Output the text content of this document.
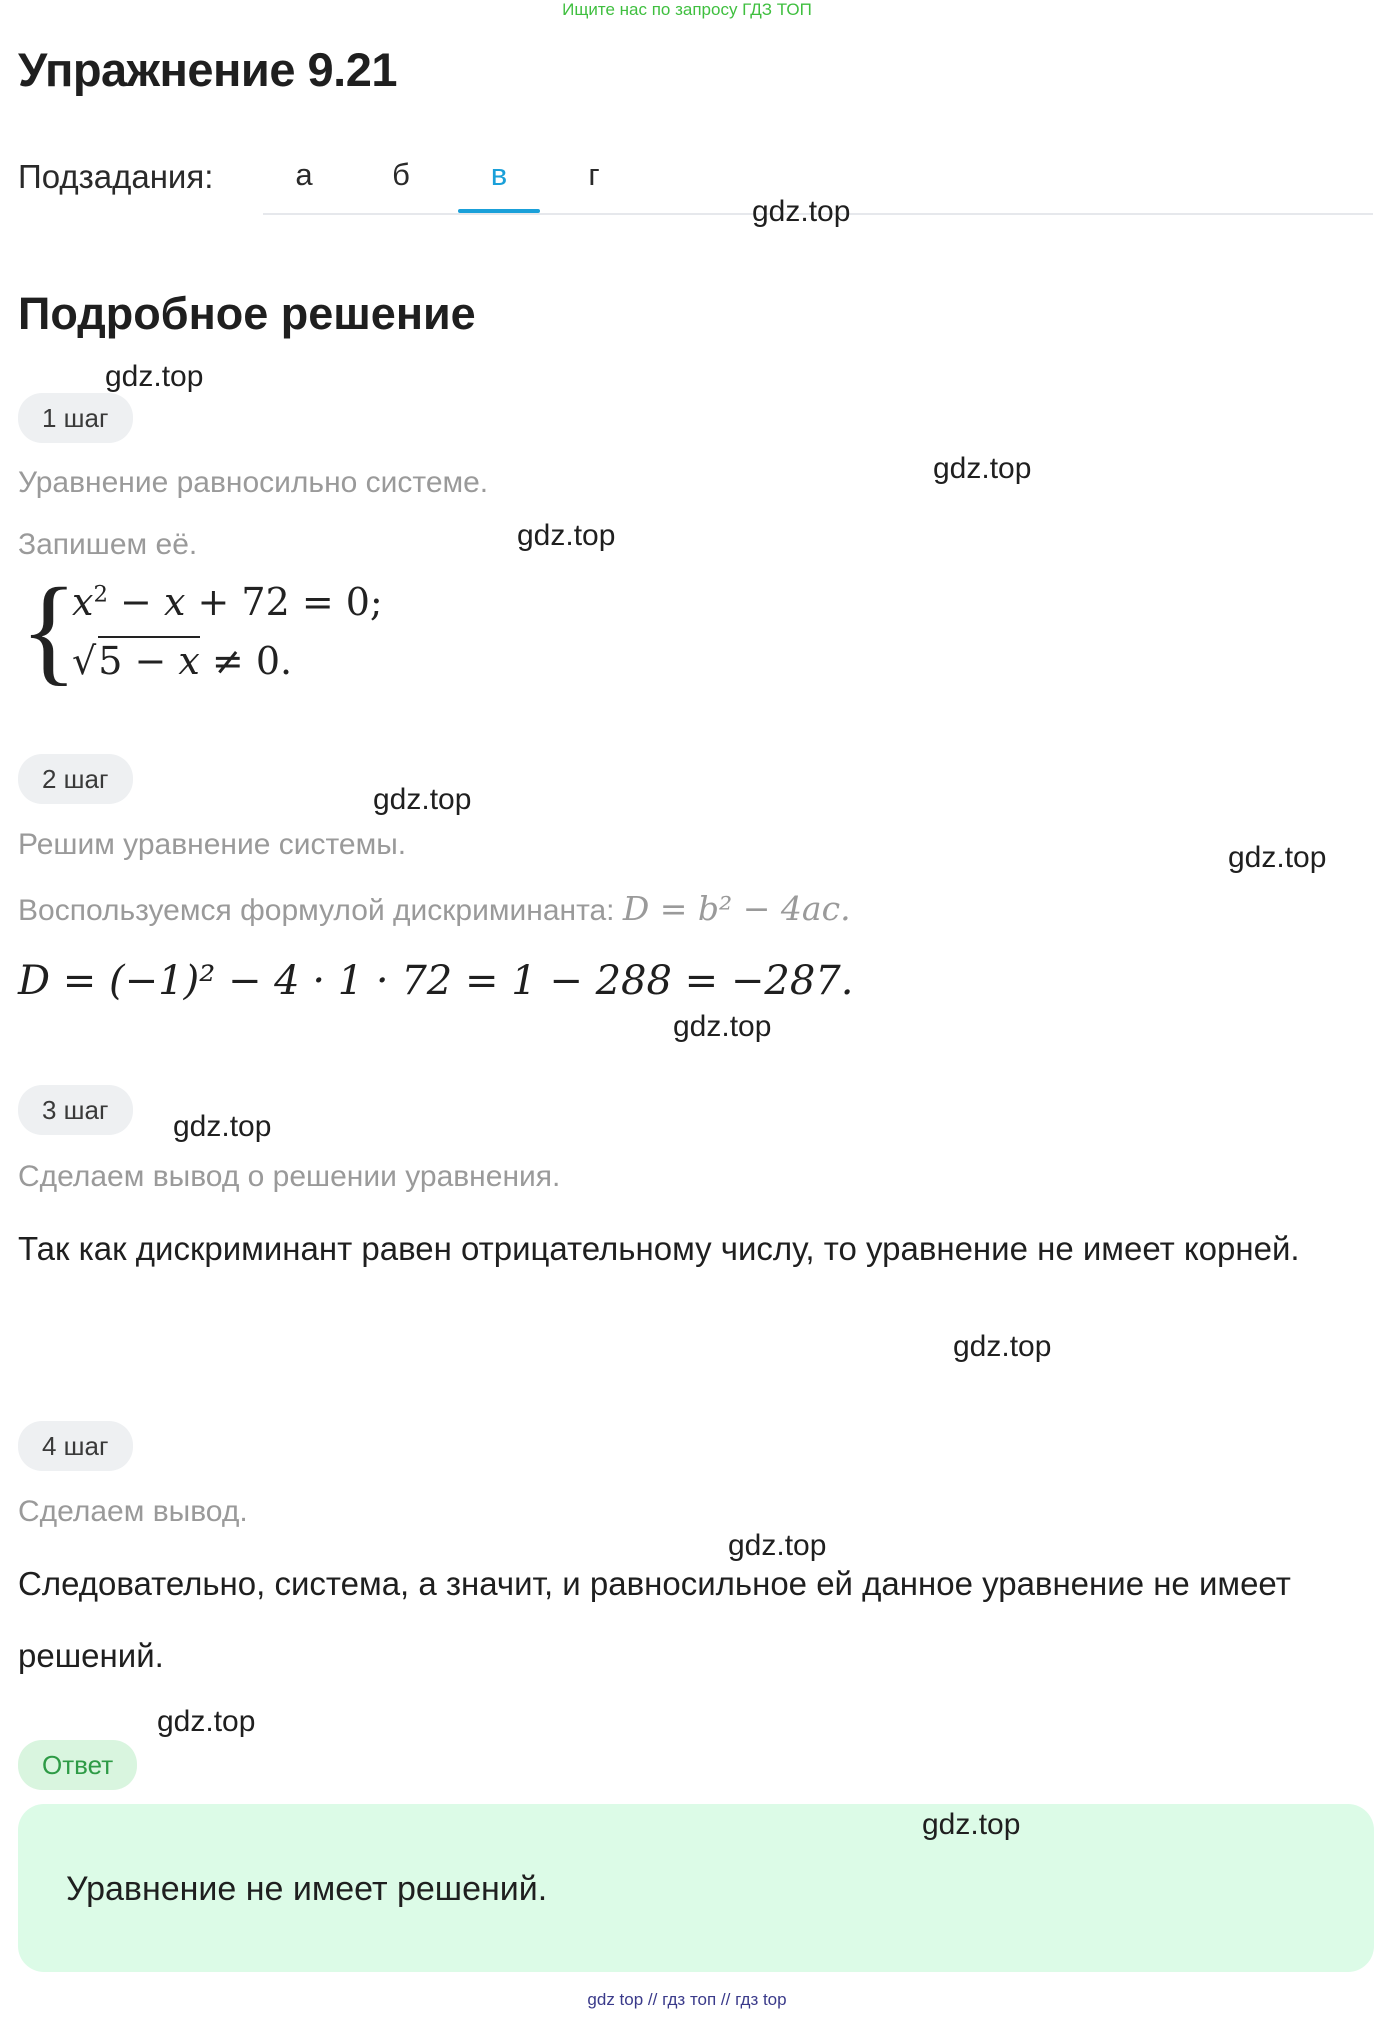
Ищите нас по запросу ГДЗ ТОП
Упражнение 9.21
Подзадания:	а	б	в	г
Подробное решение
1 шаг
Уравнение равносильно системе.
Запишем её.
{
$x^2 - x + 72 = 0$;
√5 − x ≠ 0.
2 шаг
Решим уравнение системы.
Воспользуемся формулой дискриминанта: D = b² − 4ac.
D = (−1)² − 4 · 1 · 72 = 1 − 288 = −287.
3 шаг
Сделаем вывод о решении уравнения.
Так как дискриминант равен отрицательному числу, то уравнение не имеет корней.
4 шаг
Сделаем вывод.
Следовательно, система, а значит, и равносильное ей данное уравнение не имеет решений.
Ответ
Уравнение не имеет решений.
gdz.top
gdz.top
gdz.top
gdz.top
gdz.top
gdz.top
gdz.top
gdz.top
gdz.top
gdz.top
gdz.top
gdz.top
gdz top // гдз топ // гдз top
